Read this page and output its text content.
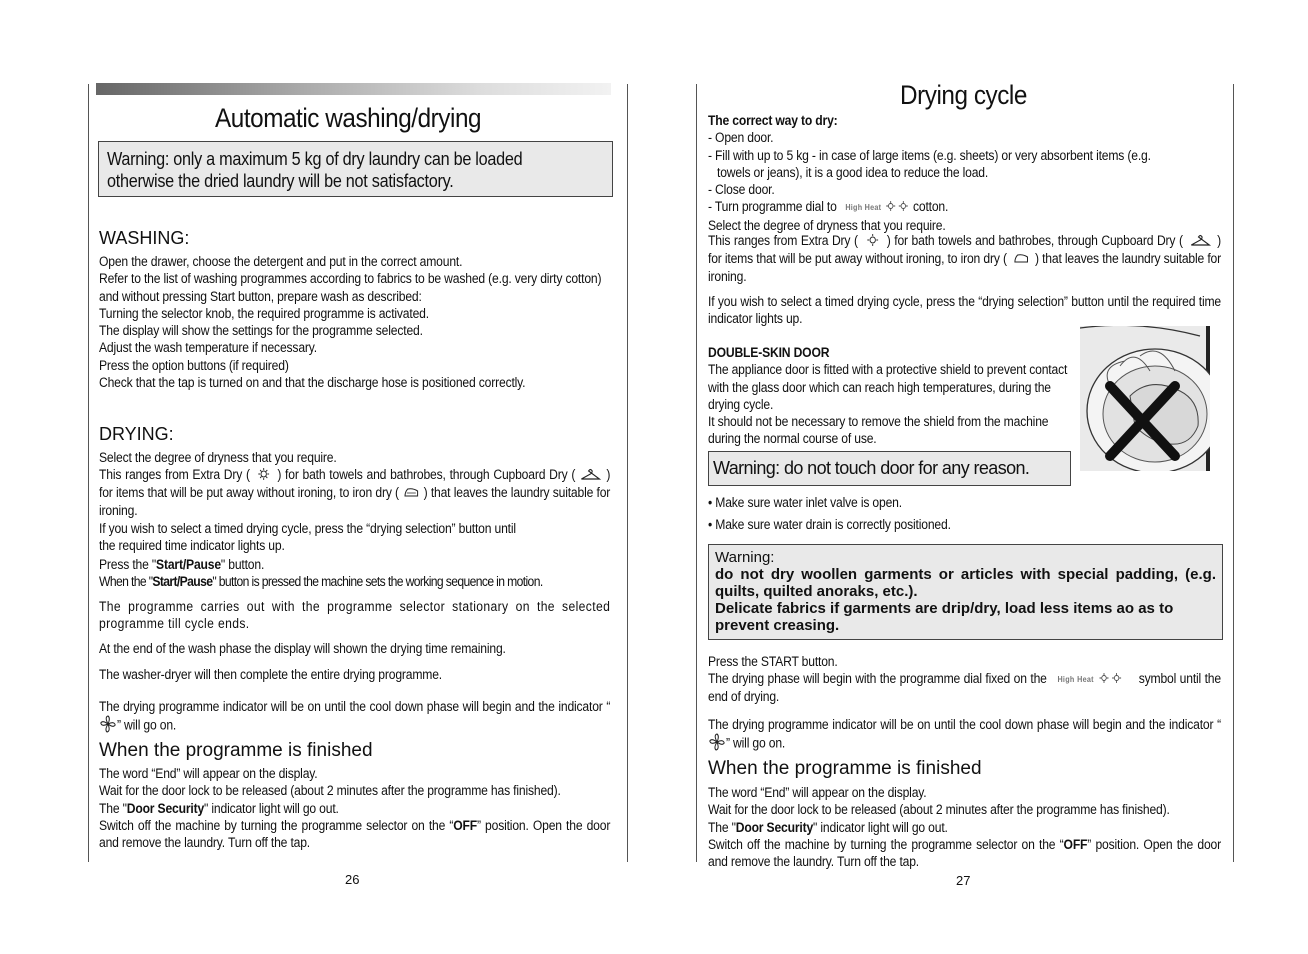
Automatic washing/drying
Warning: only a maximum 5 kg of dry laundry can be loaded otherwise the dried laundry will be not satisfactory.
WASHING:

Open the drawer, choose the detergent and put in the correct amount.

Refer to the list of washing programmes according to fabrics to be washed (e.g. very dirty cotton) and without pressing Start button, prepare wash as described:

Turning the selector knob, the required programme is activated.

The display will show the settings for the programme selected.

Adjust the wash temperature if necessary.

Press the option buttons (if required)

Check that the tap is turned on and that the discharge hose is positioned correctly.

DRYING:

Select the degree of dryness that you require.

This ranges from Extra Dry ( ) for bath towels and bathrobes, through Cupboard Dry ( ) for items that will be put away without ironing, to iron dry ( ) that leaves the laundry suitable for ironing.

If you wish to select a timed drying cycle, press the “drying selection” button until

the required time indicator lights up.

Press the "Start/Pause" button.

When the "Start/Pause" button is pressed the machine sets the working sequence in motion.

The programme carries out with the programme selector stationary on the selected programme till cycle ends.
At the end of the wash phase the display will shown the drying time remaining.
The washer-dryer will then complete the entire drying programme.
The drying programme indicator will be on until the cool down phase will begin and the indicator “” will go on.
When the programme is finished

The word “End” will appear on the display.

Wait for the door lock to be released (about 2 minutes after the programme has finished).

The "Door Security" indicator light will go out.

Switch off the machine by turning the programme selector on the “OFF” position. Open the door and remove the laundry. Turn off the tap.

26
Drying cycle

The correct way to dry:

- Open door.

- Fill with up to 5 kg - in case of large items (e.g. sheets) or very absorbent items (e.g.

towels or jeans), it is a good idea to reduce the load.

- Close door.

- Turn programme dial to High Heat cotton.

Select the degree of dryness that you require.

This ranges from Extra Dry ( ) for bath towels and bathrobes, through Cupboard Dry (	) for items that will be put away without ironing, to iron dry ( ) that leaves the laundry suitable for ironing.
If you wish to select a timed drying cycle, press the “drying selection” button until the required time indicator lights up.

DOUBLE-SKIN DOOR

The appliance door is fitted with a protective shield to prevent contact with the glass door which can reach high temperatures, during the drying cycle.

It should not be necessary to remove the shield from the machine during the normal course of use.

Warning: do not touch door for any reason.

• Make sure water inlet valve is open.

• Make sure water drain is correctly positioned.

Warning:
do not dry woollen garments or articles with special padding, (e.g. quilts, quilted anoraks, etc.).
Delicate fabrics if garments are drip/dry, load less items ao as to prevent creasing.

Press the START button.

The drying phase will begin with the programme dial fixed on the High Heat	symbol until the end of drying.

The drying programme indicator will be on until the cool down phase will begin and the indicator “” will go on.
When the programme is finished

The word “End” will appear on the display.

Wait for the door lock to be released (about 2 minutes after the programme has finished).

The "Door Security" indicator light will go out.

Switch off the machine by turning the programme selector on the “OFF” position. Open the door and remove the laundry. Turn off the tap.

27
